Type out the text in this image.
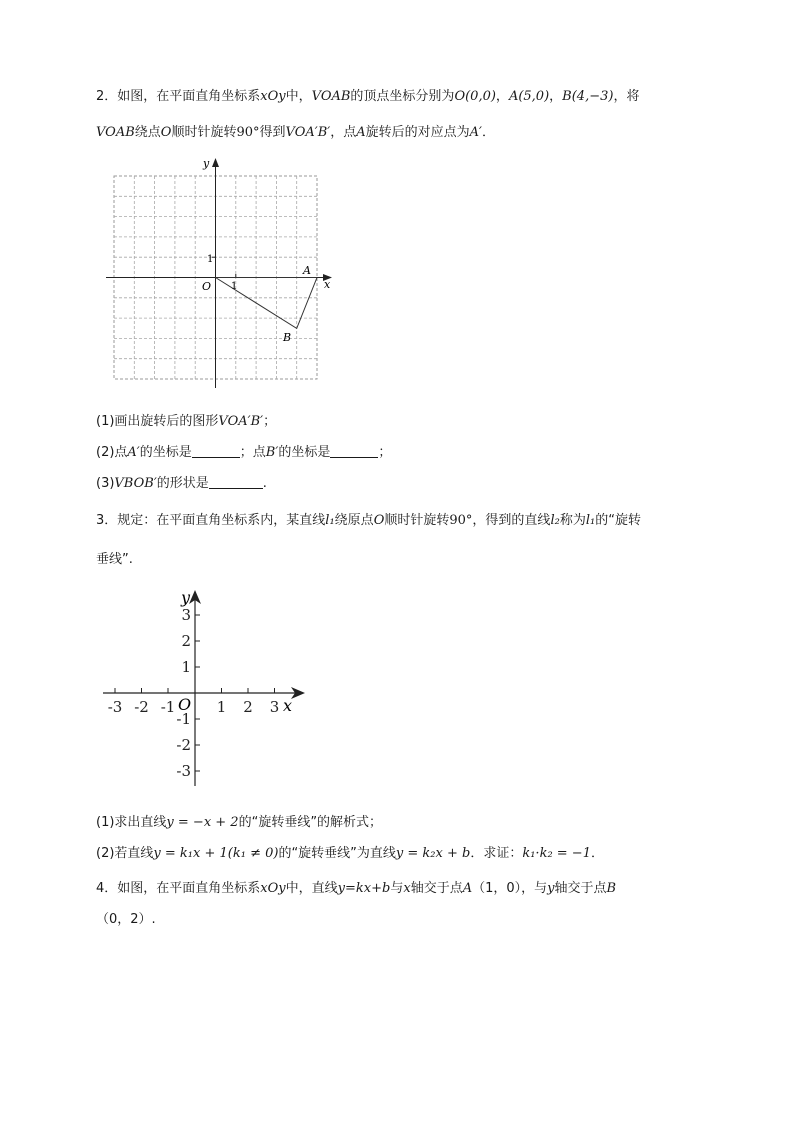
2．如图，在平面直角坐标系xOy中，VOAB的顶点坐标分别为O(0,0)，A(5,0)，B(4,−3)，将
VOAB绕点O顺时针旋转90°得到VOA′B′，点A旋转后的对应点为A′．
y
x
1
1
O
A
B
(1)画出旋转后的图形VOA′B′；
(2)点A′的坐标是	；点B′的坐标是	；
(3)VBOB′的形状是	.
3．规定：在平面直角坐标系内，某直线l₁绕原点O顺时针旋转90°，得到的直线l₂称为l₁的“旋转
垂线”.
-3 -2 -1	1 2 3
3
2
1
-1
-2
-3
y
x
O
(1)求出直线y = −x + 2的“旋转垂线”的解析式；
(2)若直线y = k₁x + 1(k₁ ≠ 0)的“旋转垂线”为直线y = k₂x + b．求证：k₁·k₂ = −1．
4．如图，在平面直角坐标系xOy中，直线y=kx+b与x轴交于点A（1，0），与y轴交于点B
（0，2）.
